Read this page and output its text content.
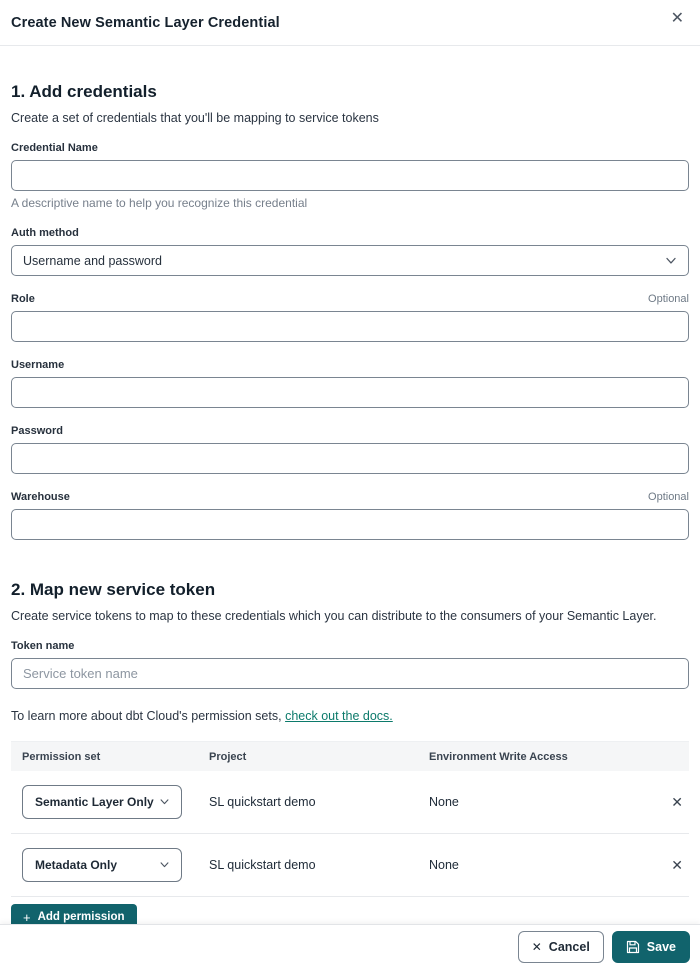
Create New Semantic Layer Credential	✕
1. Add credentials
Create a set of credentials that you'll be mapping to service tokens
Credential Name
A descriptive name to help you recognize this credential
Auth method
Username and password
Role	Optional
Username
Password
Warehouse	Optional
2. Map new service token
Create service tokens to map to these credentials which you can distribute to the consumers of your Semantic Layer.
Token name
Service token name
To learn more about dbt Cloud's permission sets, check out the docs.
Permission set	Project	Environment Write Access
Semantic Layer Only	SL quickstart demo	None	✕
Metadata Only	SL quickstart demo	None	✕
+ Add permission
✕ Cancel	Save
